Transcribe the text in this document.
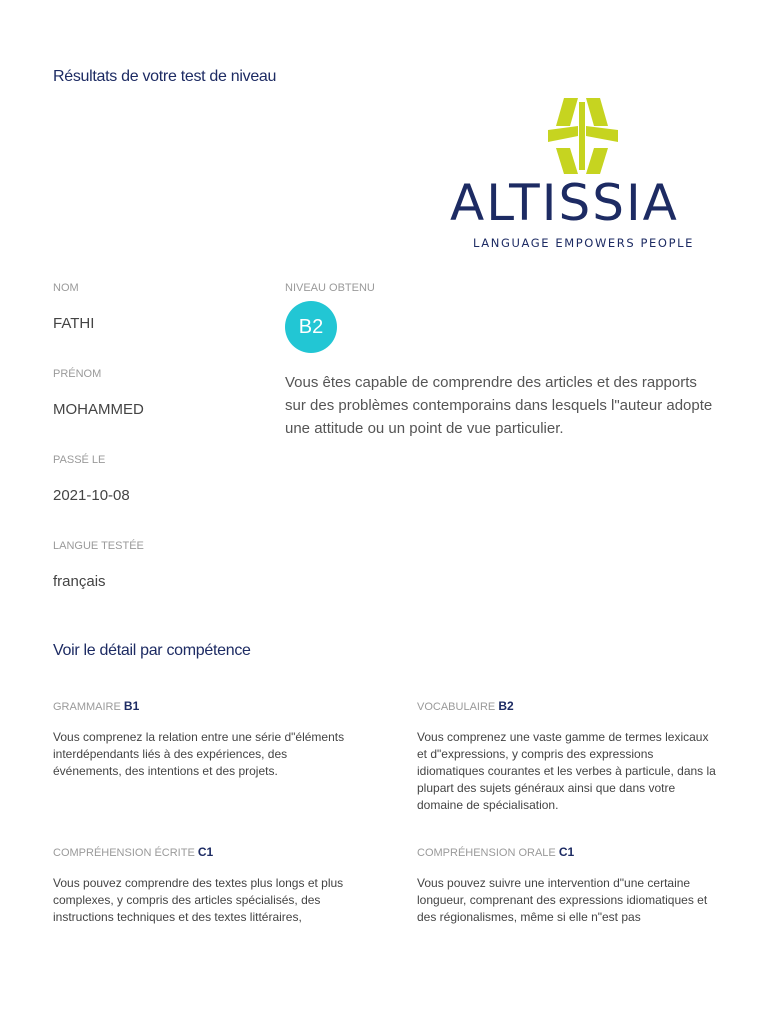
Résultats de votre test de niveau
ALTISSIA
LANGUAGE EMPOWERS PEOPLE
NOM
FATHI
PRÉNOM
MOHAMMED
PASSÉ LE
2021-10-08
LANGUE TESTÉE
français
NIVEAU OBTENU
B2
Vous êtes capable de comprendre des articles et des rapports sur des problèmes contemporains dans lesquels l"auteur adopte une attitude ou un point de vue particulier.
Voir le détail par compétence
GRAMMAIRE B1
Vous comprenez la relation entre une série d"éléments interdépendants liés à des expériences, des événements, des intentions et des projets.
VOCABULAIRE B2
Vous comprenez une vaste gamme de termes lexicaux et d"expressions, y compris des expressions idiomatiques courantes et les verbes à particule, dans la plupart des sujets généraux ainsi que dans votre domaine de spécialisation.
COMPRÉHENSION ÉCRITE C1
Vous pouvez comprendre des textes plus longs et plus complexes, y compris des articles spécialisés, des instructions techniques et des textes littéraires,
COMPRÉHENSION ORALE C1
Vous pouvez suivre une intervention d"une certaine longueur, comprenant des expressions idiomatiques et des régionalismes, même si elle n"est pas
